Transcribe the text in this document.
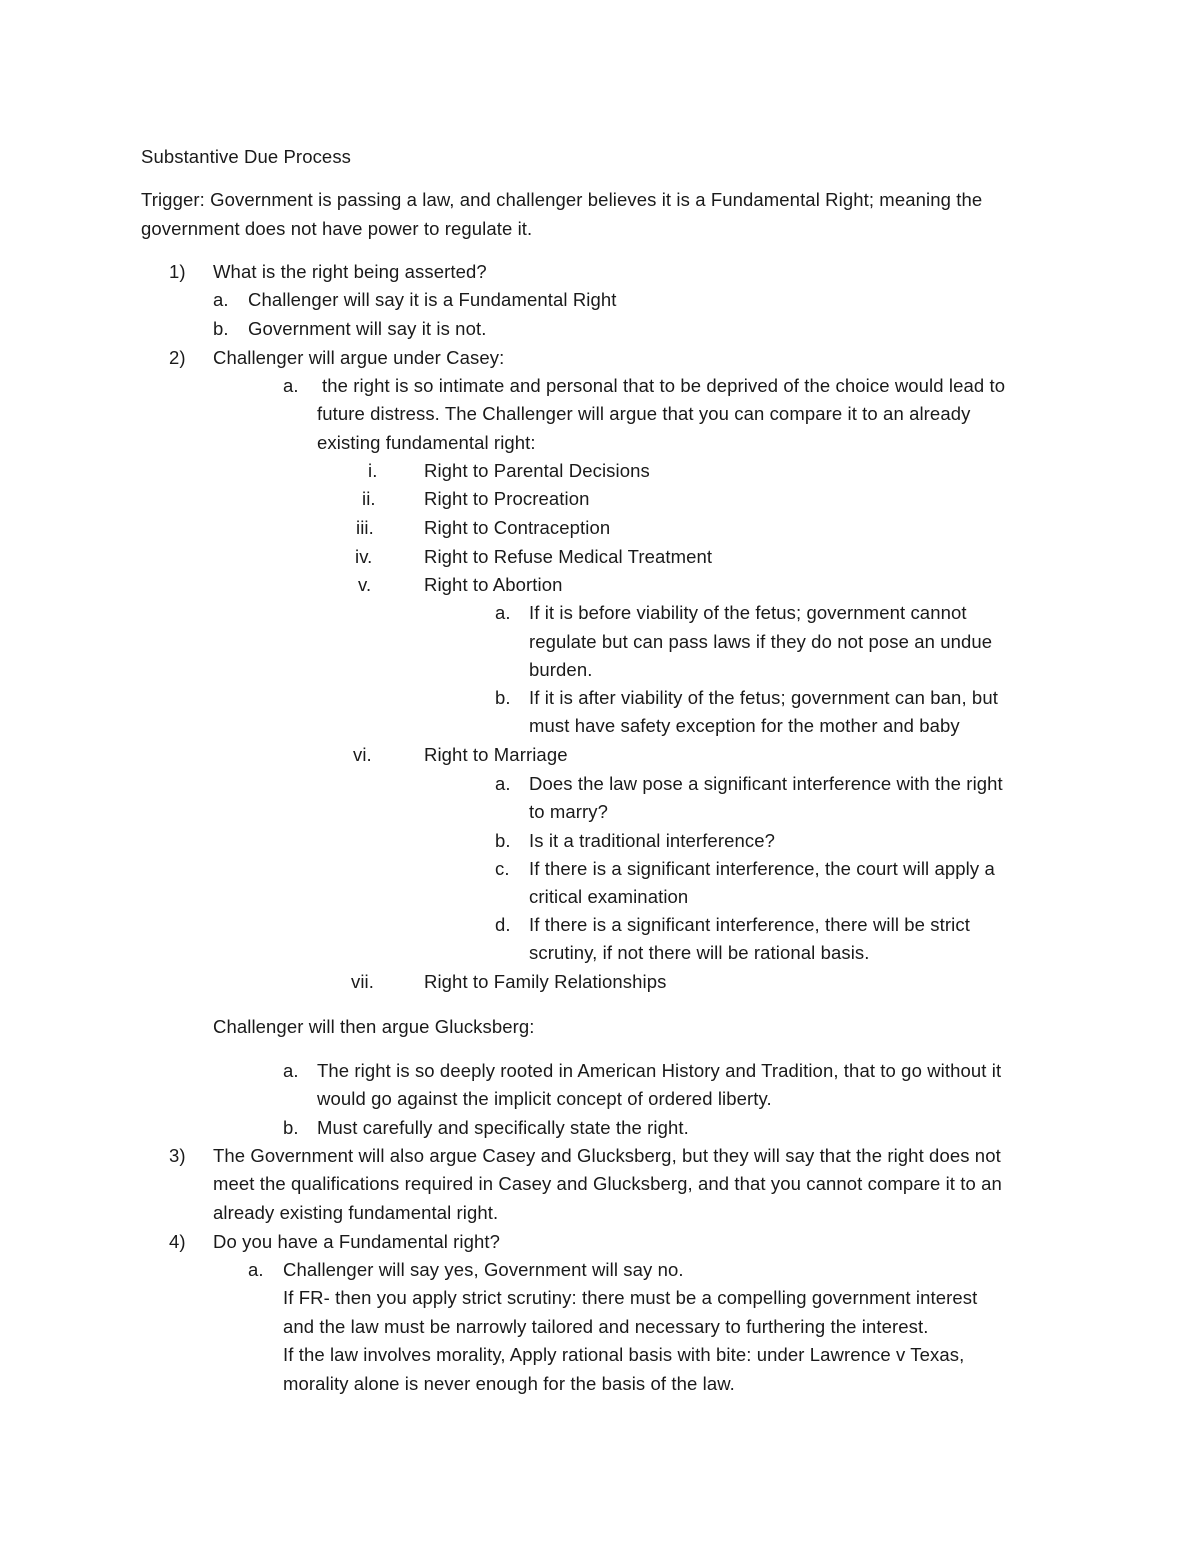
Substantive Due Process
Trigger: Government is passing a law, and challenger believes it is a Fundamental Right; meaning the
government does not have power to regulate it.
1) What is the right being asserted?
a. Challenger will say it is a Fundamental Right
b. Government will say it is not.
2) Challenger will argue under Casey:
a. the right is so intimate and personal that to be deprived of the choice would lead to
future distress. The Challenger will argue that you can compare it to an already
existing fundamental right:
i.	Right to Parental Decisions
ii.	Right to Procreation
iii.	Right to Contraception
iv.	Right to Refuse Medical Treatment
v.	Right to Abortion
a. If it is before viability of the fetus; government cannot
regulate but can pass laws if they do not pose an undue
burden.
b. If it is after viability of the fetus; government can ban, but
must have safety exception for the mother and baby
vi.	Right to Marriage
a. Does the law pose a significant interference with the right
to marry?
b. Is it a traditional interference?
c. If there is a significant interference, the court will apply a
critical examination
d. If there is a significant interference, there will be strict
scrutiny, if not there will be rational basis.
vii.	Right to Family Relationships
Challenger will then argue Glucksberg:
a. The right is so deeply rooted in American History and Tradition, that to go without it
would go against the implicit concept of ordered liberty.
b. Must carefully and specifically state the right.
3) The Government will also argue Casey and Glucksberg, but they will say that the right does not
meet the qualifications required in Casey and Glucksberg, and that you cannot compare it to an
already existing fundamental right.
4) Do you have a Fundamental right?
a. Challenger will say yes, Government will say no.
If FR- then you apply strict scrutiny: there must be a compelling government interest
and the law must be narrowly tailored and necessary to furthering the interest.
If the law involves morality, Apply rational basis with bite: under Lawrence v Texas,
morality alone is never enough for the basis of the law.
